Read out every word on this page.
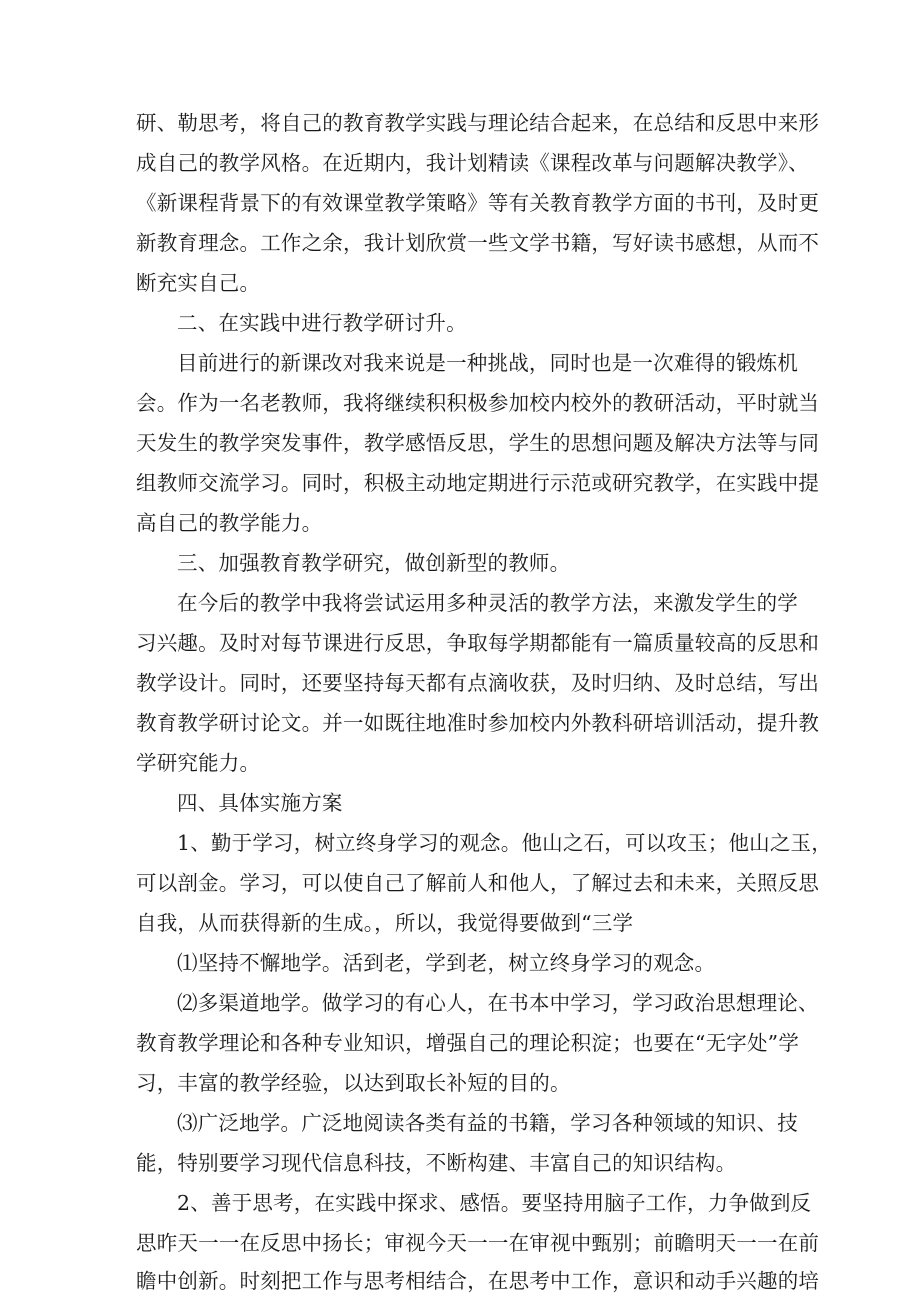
研、勒思考，将自己的教育教学实践与理论结合起来，在总结和反思中来形
成自己的教学风格。在近期内，我计划精读《课程改革与问题解决教学》、
《新课程背景下的有效课堂教学策略》等有关教育教学方面的书刊，及时更
新教育理念。工作之余，我计划欣赏一些文学书籍，写好读书感想，从而不
断充实自己。
二、在实践中进行教学研讨升。
目前进行的新课改对我来说是一种挑战，同时也是一次难得的锻炼机
会。作为一名老教师，我将继续积积极参加校内校外的教研活动，平时就当
天发生的教学突发事件，教学感悟反思，学生的思想问题及解决方法等与同
组教师交流学习。同时，积极主动地定期进行示范或研究教学，在实践中提
高自己的教学能力。
三、加强教育教学研究，做创新型的教师。
在今后的教学中我将尝试运用多种灵活的教学方法，来激发学生的学
习兴趣。及时对每节课进行反思，争取每学期都能有一篇质量较高的反思和
教学设计。同时，还要坚持每天都有点滴收获，及时归纳、及时总结，写出
教育教学研讨论文。并一如既往地准时参加校内外教科研培训活动，提升教
学研究能力。
四、具体实施方案
1、勤于学习，树立终身学习的观念。他山之石，可以攻玉；他山之玉，
可以剖金。学习，可以使自己了解前人和他人，了解过去和未来，关照反思
自我，从而获得新的生成。，所以，我觉得要做到“三学
⑴坚持不懈地学。活到老，学到老，树立终身学习的观念。
⑵多渠道地学。做学习的有心人，在书本中学习，学习政治思想理论、
教育教学理论和各种专业知识，增强自己的理论积淀；也要在“无字处”学
习，丰富的教学经验，以达到取长补短的目的。
⑶广泛地学。广泛地阅读各类有益的书籍，学习各种领域的知识、技
能，特别要学习现代信息科技，不断构建、丰富自己的知识结构。
2、善于思考，在实践中探求、感悟。要坚持用脑子工作，力争做到反
思昨天一一在反思中扬长；审视今天一一在审视中甄别；前瞻明天一一在前
瞻中创新。时刻把工作与思考相结合，在思考中工作，意识和动手兴趣的培
